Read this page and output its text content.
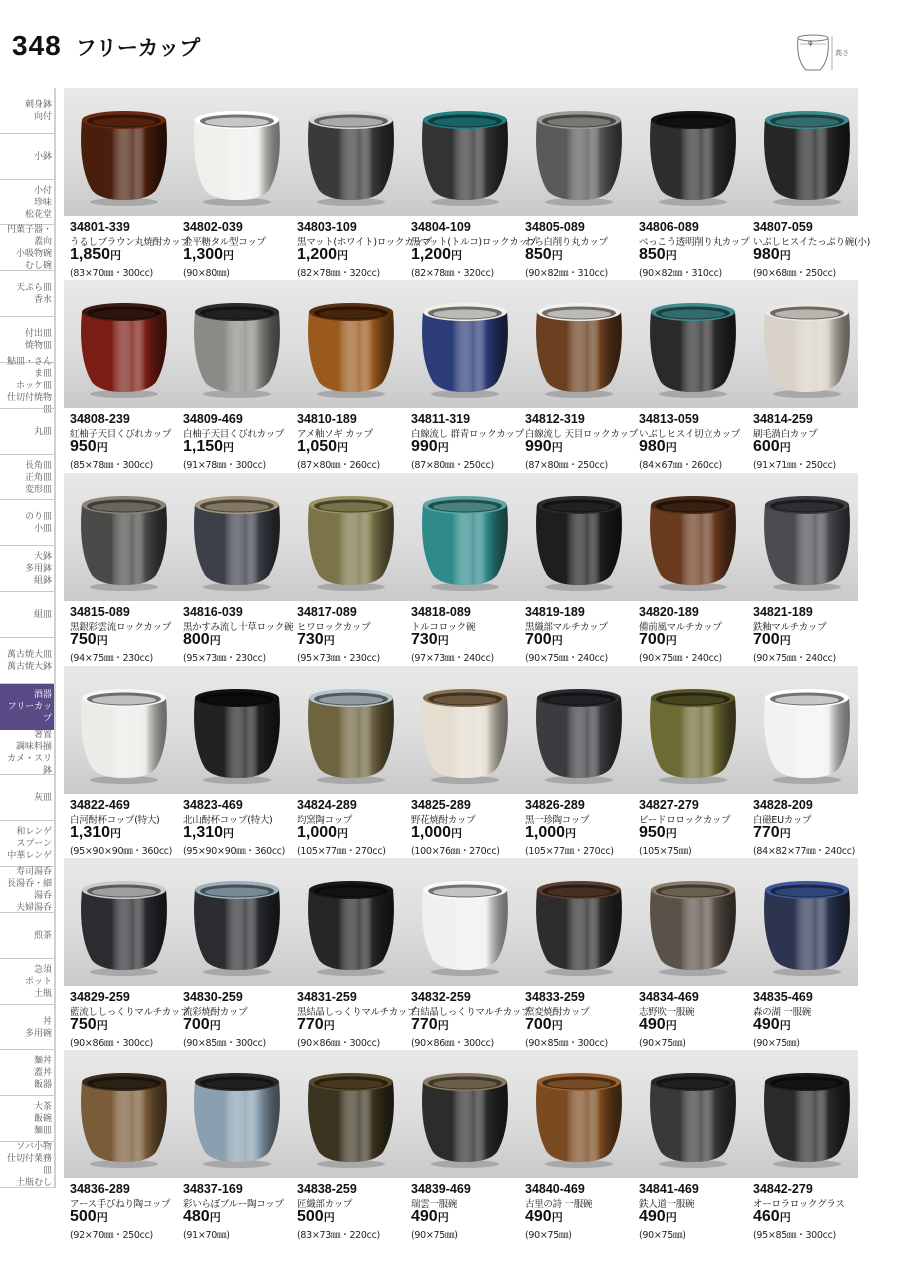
348 フリーカップ	φ
高さ
刺身鉢
向付
小鉢
小付
珍味
松花堂
円菓子器・蓋向
小吸物碗
むし碗
天ぷら皿
香水
付出皿
焼物皿
鮎皿・さんま皿
ホッケ皿
仕切付焼物皿
丸皿
長角皿
正角皿
変形皿
のり皿
小皿
大鉢
多用鉢
組鉢
組皿
萬古焼大皿
萬古焼大鉢
酒器
フリーカップ
箸置
調味料揃
カメ・スリ鉢
灰皿
和レンゲ
スプーン
中華レンゲ
寿司湯呑
長湯呑・細湯呑
夫婦湯呑
煎茶
急須
ポット
土瓶
丼
多用碗
麺丼
蓋丼
飯器
大茶
飯碗
麺皿
ソバ小物
仕切付業務皿
土瓶むし
34801-339
うるしブラウン丸焼酎カップ
1,850円
(83×70㎜・300cc)
34802-039
金平糖タル型コップ
1,300円
(90×80㎜)
34803-109
黒マット(ホワイト)ロックカップ
1,200円
(82×78㎜・320cc)
34804-109
黒マット(トルコ)ロックカップ
1,200円
(82×78㎜・320cc)
34805-089
わら白削り丸カップ
850円
(90×82㎜・310cc)
34806-089
べっこう透明削り丸カップ
850円
(90×82㎜・310cc)
34807-059
いぶしヒスイたっぷり碗(小)
980円
(90×68㎜・250cc)
34808-239
紅柚子天目くびれカップ
950円
(85×78㎜・300cc)
34809-469
白柚子天目くびれカップ
1,150円
(91×78㎜・300cc)
34810-189
アメ釉ソギ カップ
1,050円
(87×80㎜・260cc)
34811-319
白線流し 群青ロックカップ
990円
(87×80㎜・250cc)
34812-319
白線流し 天目ロックカップ
990円
(87×80㎜・250cc)
34813-059
いぶしヒスイ切立カップ
980円
(84×67㎜・260cc)
34814-259
刷毛渦白カップ
600円
(91×71㎜・250cc)
34815-089
黒銀彩雲流ロックカップ
750円
(94×75㎜・230cc)
34816-039
黒かすみ流し十草ロック碗
800円
(95×73㎜・230cc)
34817-089
ヒワロックカップ
730円
(95×73㎜・230cc)
34818-089
トルコロック碗
730円
(97×73㎜・240cc)
34819-189
黒織部マルチカップ
700円
(90×75㎜・240cc)
34820-189
備前風マルチカップ
700円
(90×75㎜・240cc)
34821-189
鉄釉マルチカップ
700円
(90×75㎜・240cc)
34822-469
白河酎杯コップ(特大)
1,310円
(95×90×90㎜・360cc)
34823-469
北山酎杯コップ(特大)
1,310円
(95×90×90㎜・360cc)
34824-289
均窯陶コップ
1,000円
(105×77㎜・270cc)
34825-289
野花焼酎カップ
1,000円
(100×76㎜・270cc)
34826-289
黒一珍陶コップ
1,000円
(105×77㎜・270cc)
34827-279
ビードロロックカップ
950円
(105×75㎜)
34828-209
白磁EUカップ
770円
(84×82×77㎜・240cc)
34829-259
藍流ししっくりマルチカップ
750円
(90×86㎜・300cc)
34830-259
流彩焼酎カップ
700円
(90×85㎜・300cc)
34831-259
黒結晶しっくりマルチカップ
770円
(90×86㎜・300cc)
34832-259
白結晶しっくりマルチカップ
770円
(90×86㎜・300cc)
34833-259
窯変焼酎カップ
700円
(90×85㎜・300cc)
34834-469
志野吹一服碗
490円
(90×75㎜)
34835-469
森の湖 一服碗
490円
(90×75㎜)
34836-289
アース手びねり陶コップ
500円
(92×70㎜・250cc)
34837-169
彩いらぼブルー陶コップ
480円
(91×70㎜)
34838-259
匠織部カップ
500円
(83×73㎜・220cc)
34839-469
瑞雲一服碗
490円
(90×75㎜)
34840-469
古里の詩 一服碗
490円
(90×75㎜)
34841-469
鉄人道一服碗
490円
(90×75㎜)
34842-279
オーロラロックグラス
460円
(95×85㎜・300cc)
